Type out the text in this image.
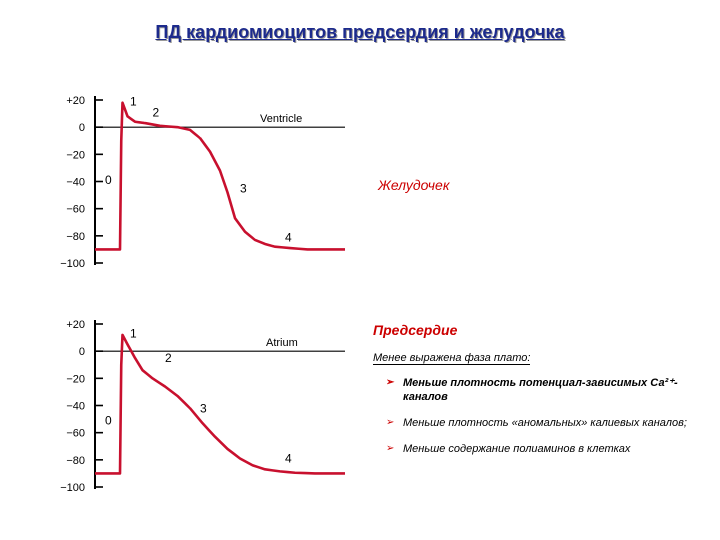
ПД кардиомиоцитов предсердия и желудочка
+20
0
−20
−40
−60
−80
−100
Ventricle
0
1
2
3
4
+20
0
−20
−40
−60
−80
−100
Atrium
0
1
2
3
4
Желудочек
Предсердие
Менее выражена фаза плато:
➢ Меньше плотность потенциал-зависимых Са²⁺-каналов
➢ Меньше плотность «аномальных» калиевых каналов;
➢ Меньше содержание полиаминов в клетках
